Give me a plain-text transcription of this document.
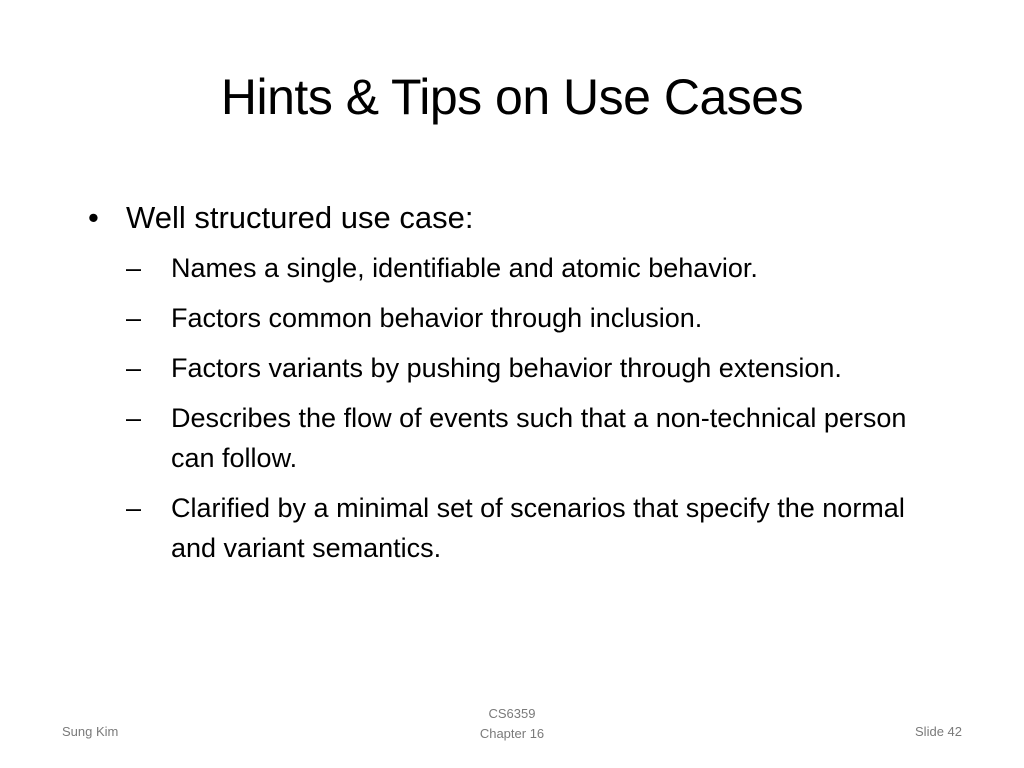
Hints & Tips on Use Cases
• Well structured use case:
– Names a single, identifiable and atomic behavior.
– Factors common behavior through inclusion.
– Factors variants by pushing behavior through extension.
– Describes the flow of events such that a non-technical person can follow.
– Clarified by a minimal set of scenarios that specify the normal and variant semantics.
Sung Kim
CS6359
Chapter 16	Slide 42
